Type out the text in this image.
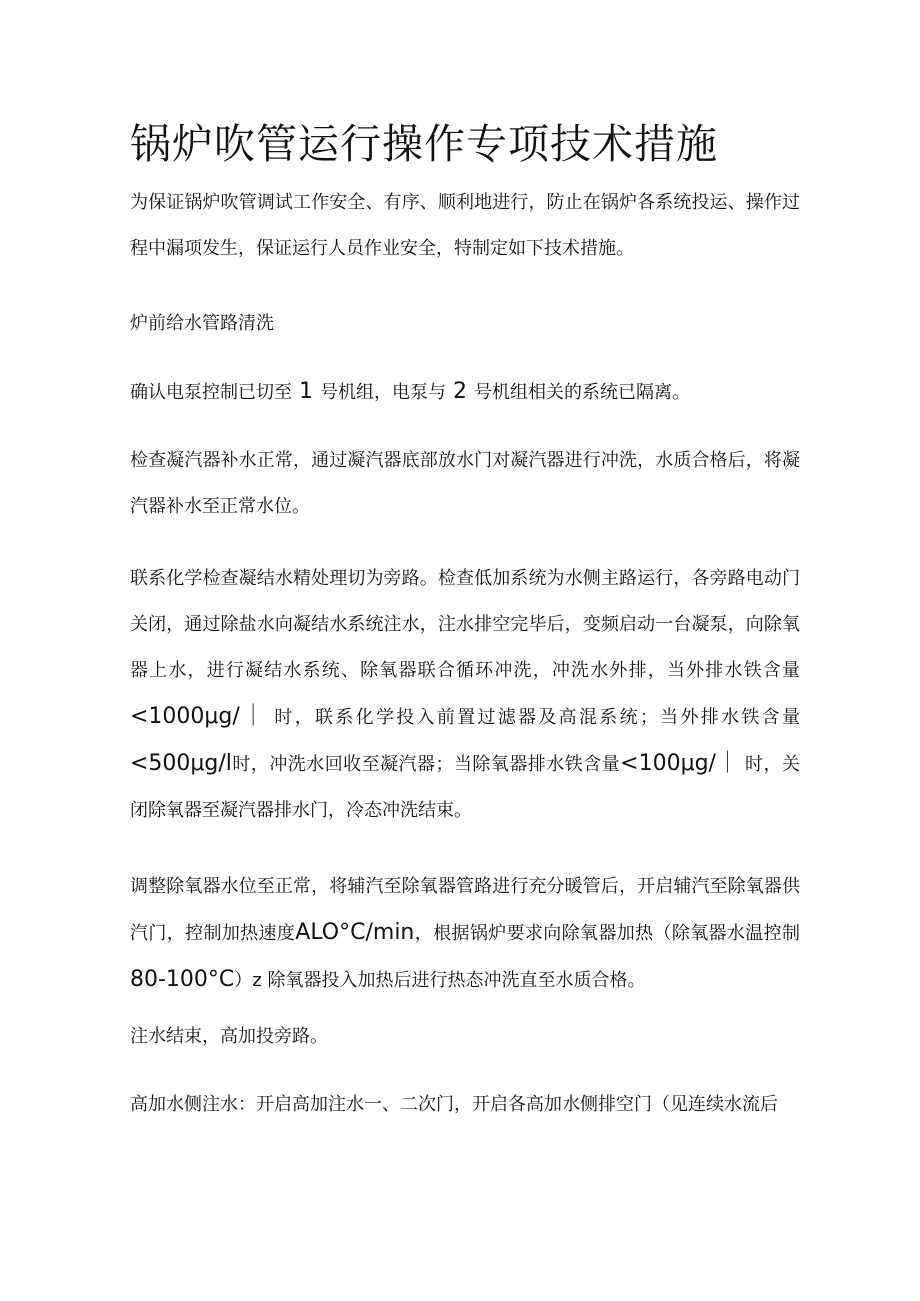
锅炉吹管运行操作专项技术措施

为保证锅炉吹管调试工作安全、有序、顺利地进行，防止在锅炉各系统投运、操作过程中漏项发生，保证运行人员作业安全，特制定如下技术措施。

炉前给水管路清洗

确认电泵控制已切至 1 号机组，电泵与 2 号机组相关的系统已隔离。

检查凝汽器补水正常，通过凝汽器底部放水门对凝汽器进行冲洗，水质合格后，将凝汽器补水至正常水位。

联系化学检查凝结水精处理切为旁路。检查低加系统为水侧主路运行，各旁路电动门关闭，通过除盐水向凝结水系统注水，注水排空完毕后，变频启动一台凝泵，向除氧器上水，进行凝结水系统、除氧器联合循环冲洗，冲洗水外排，当外排水铁含量<1000μg/｜ 时，联系化学投入前置过滤器及高混系统；当外排水铁含量<500μg/l时，冲洗水回收至凝汽器；当除氧器排水铁含量<100μg/｜ 时，关闭除氧器至凝汽器排水门，冷态冲洗结束。

调整除氧器水位至正常，将辅汽至除氧器管路进行充分暖管后，开启辅汽至除氧器供汽门，控制加热速度ALO°C/min，根据锅炉要求向除氧器加热（除氧器水温控制80-100°C）z 除氧器投入加热后进行热态冲洗直至水质合格。

注水结束，高加投旁路。

高加水侧注水：开启高加注水一、二次门，开启各高加水侧排空门（见连续水流后
